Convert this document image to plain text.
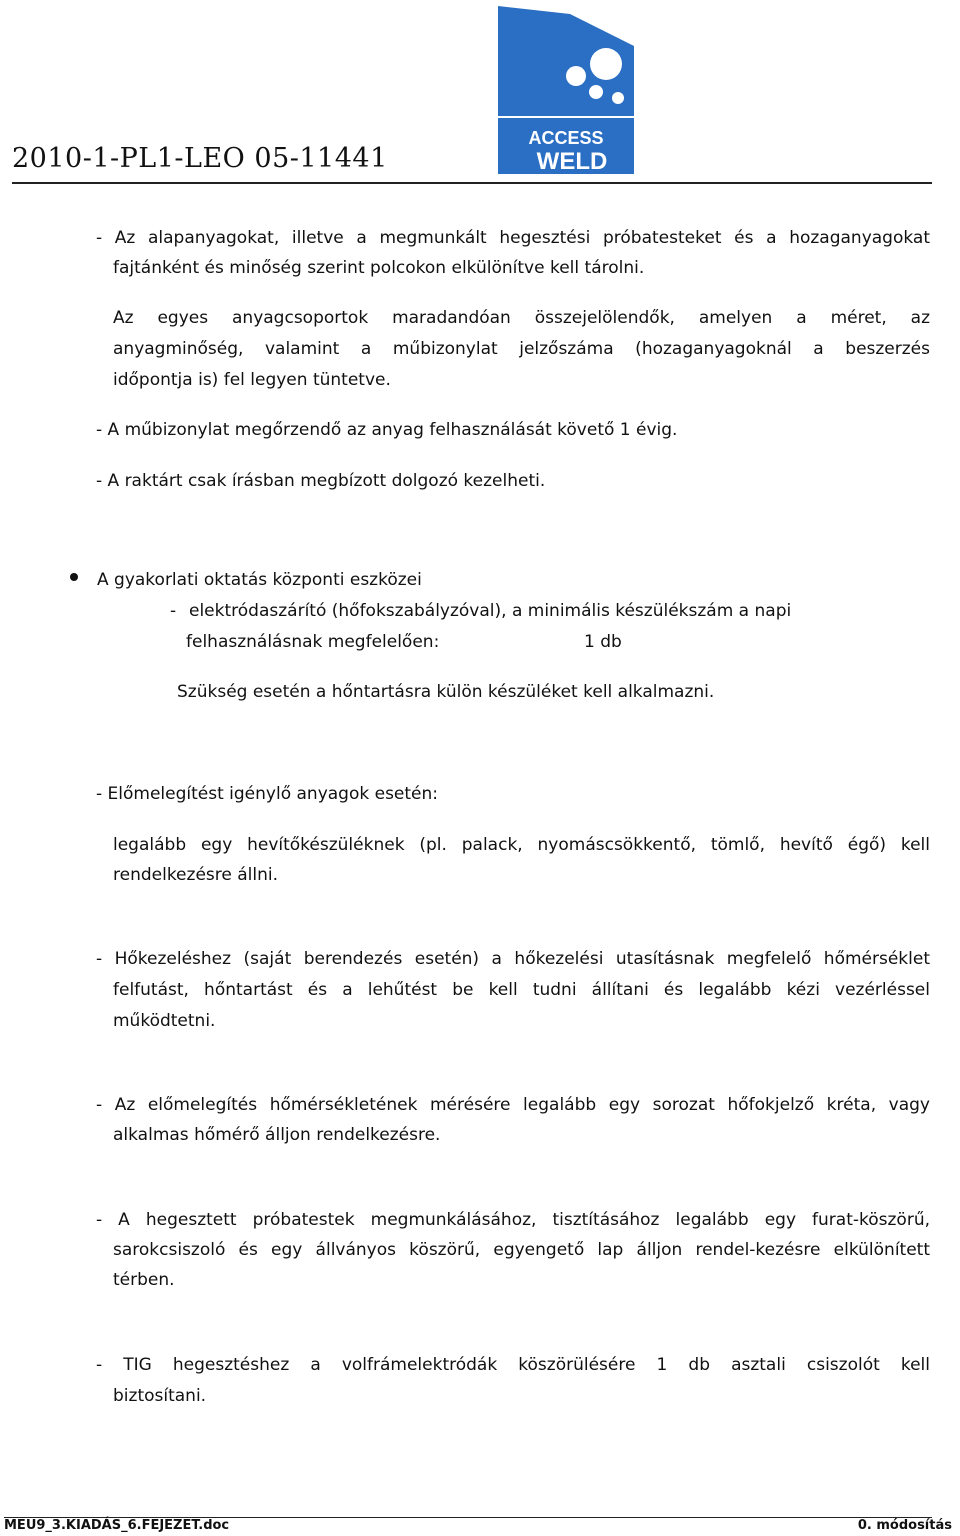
2010-1-PL1-LEO 05-11441
ACCESS
WELD
- Az alapanyagokat, illetve a megmunkált hegesztési próbatesteket és a hozaganyagokat
fajtánként és minőség szerint polcokon elkülönítve kell tárolni.
Az egyes anyagcsoportok maradandóan összejelölendők, amelyen a méret, az
anyagminőség, valamint a műbizonylat jelzőszáma (hozaganyagoknál a beszerzés
időpontja is) fel legyen tüntetve.
- A műbizonylat megőrzendő az anyag felhasználását követő 1 évig.
- A raktárt csak írásban megbízott dolgozó kezelheti.
A gyakorlati oktatás központi eszközei
- elektródaszárító (hőfokszabályzóval), a minimális készülékszám a napi
felhasználásnak megfelelően:	1 db
Szükség esetén a hőntartásra külön készüléket kell alkalmazni.
- Előmelegítést igénylő anyagok esetén:
legalább egy hevítőkészüléknek (pl. palack, nyomáscsökkentő, tömlő, hevítő égő) kell
rendelkezésre állni.
- Hőkezeléshez (saját berendezés esetén) a hőkezelési utasításnak megfelelő hőmérséklet
felfutást, hőntartást és a lehűtést be kell tudni állítani és legalább kézi vezérléssel
működtetni.
- Az előmelegítés hőmérsékletének mérésére legalább egy sorozat hőfokjelző kréta, vagy
alkalmas hőmérő álljon rendelkezésre.
- A hegesztett próbatestek megmunkálásához, tisztításához legalább egy furat-köszörű,
sarokcsiszoló és egy állványos köszörű, egyengető lap álljon rendel-kezésre elkülönített
térben.
- TIG hegesztéshez a volfrámelektródák köszörülésére 1 db asztali csiszolót kell
biztosítani.
MEU9_3.KIADÁS_6.FEJEZET.doc	0. módosítás
